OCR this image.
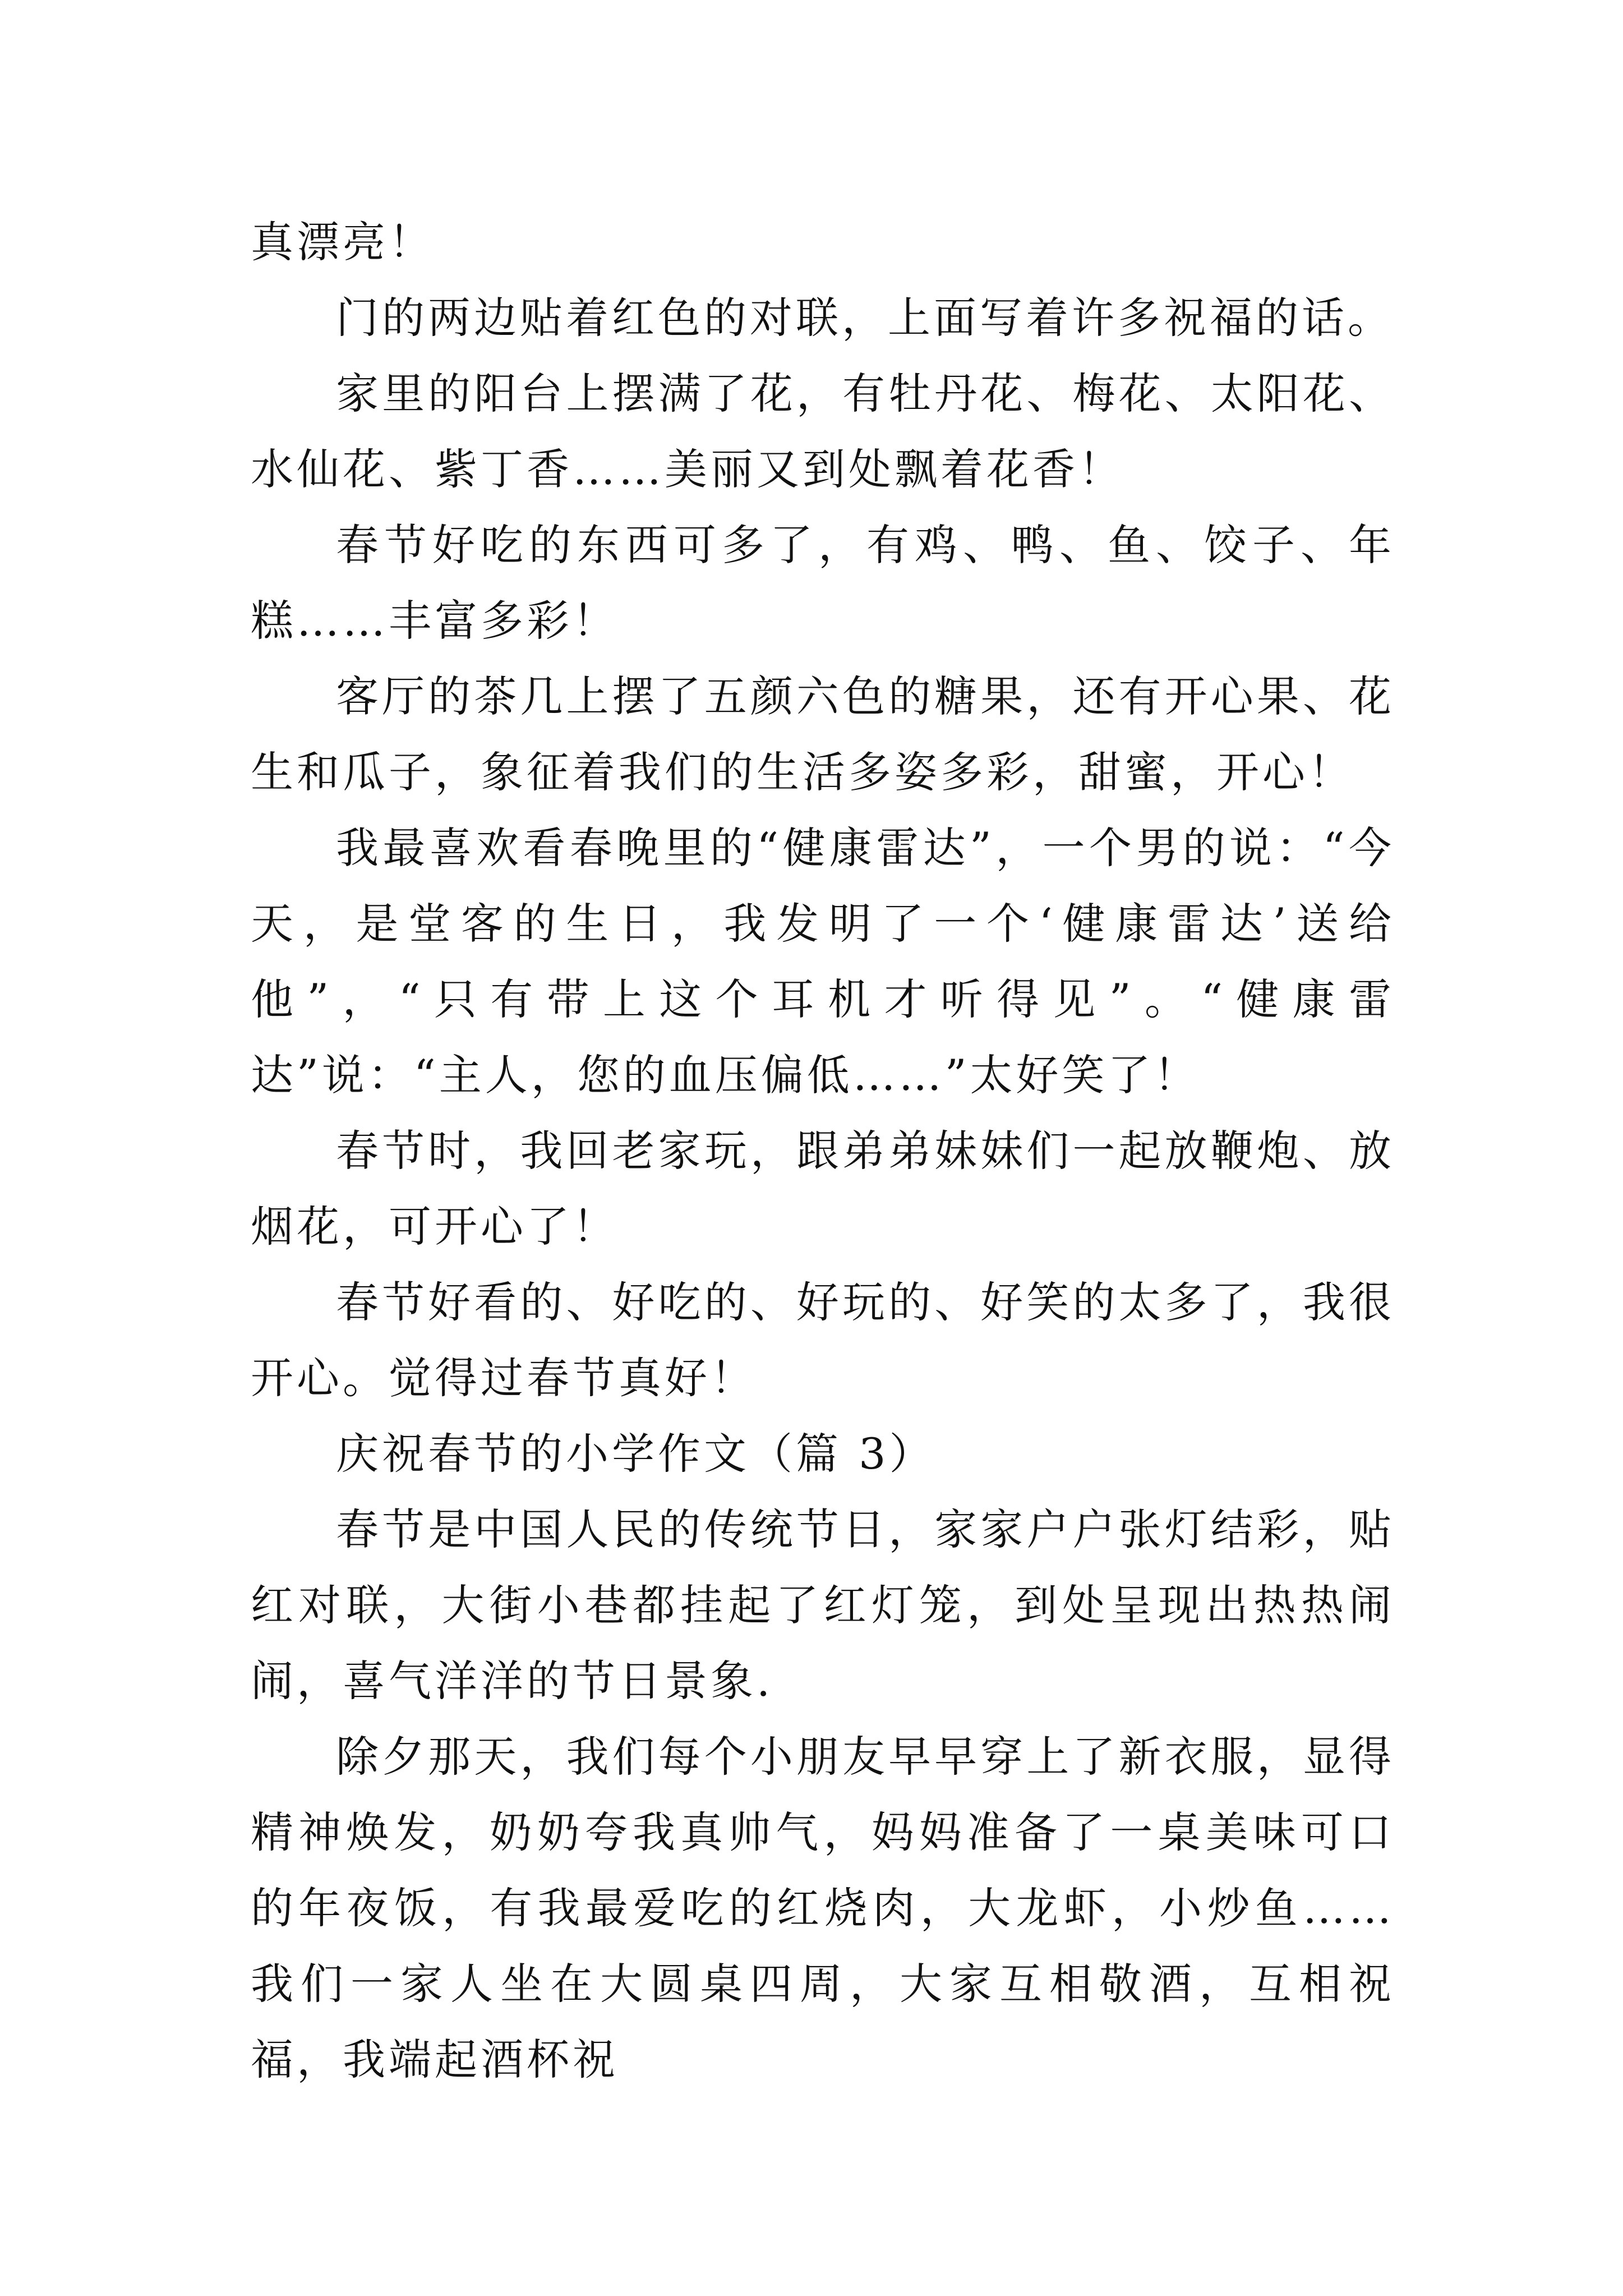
真漂亮！

门的两边贴着红色的对联，上面写着许多祝福的话。

家里的阳台上摆满了花，有牡丹花、梅花、太阳花、水仙花、紫丁香……美丽又到处飘着花香！

春节好吃的东西可多了，有鸡、鸭、鱼、饺子、年糕……丰富多彩！

客厅的茶几上摆了五颜六色的糖果，还有开心果、花生和瓜子，象征着我们的生活多姿多彩，甜蜜，开心！

我最喜欢看春晚里的“健康雷达”，一个男的说：“今天，是堂客的生日，我发明了一个‘健康雷达’送给他”，“只有带上这个耳机才听得见”。“健康雷达”说：“主人，您的血压偏低……”太好笑了！

春节时，我回老家玩，跟弟弟妹妹们一起放鞭炮、放烟花，可开心了！

春节好看的、好吃的、好玩的、好笑的太多了，我很开心。觉得过春节真好！

庆祝春节的小学作文（篇 3）

春节是中国人民的传统节日，家家户户张灯结彩，贴红对联，大街小巷都挂起了红灯笼，到处呈现出热热闹闹，喜气洋洋的节日景象.

除夕那天，我们每个小朋友早早穿上了新衣服，显得精神焕发，奶奶夸我真帅气，妈妈准备了一桌美味可口的年夜饭，有我最爱吃的红烧肉，大龙虾，小炒鱼……我们一家人坐在大圆桌四周，大家互相敬酒，互相祝福，我端起酒杯祝
